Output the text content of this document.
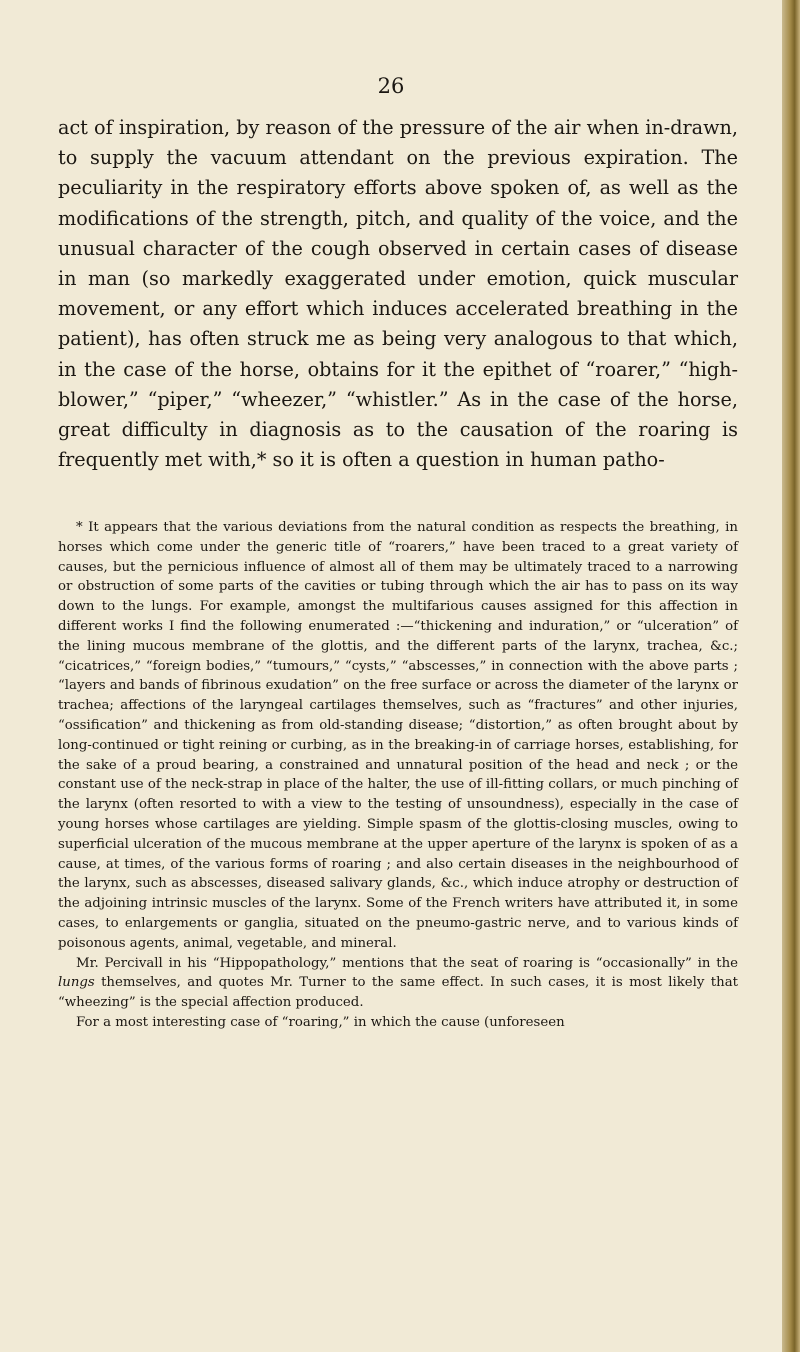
26

act of inspiration, by reason of the pressure of the air when in-drawn, to supply the vacuum attendant on the previous expiration. The peculiarity in the respiratory efforts above spoken of, as well as the modifications of the strength, pitch, and quality of the voice, and the unusual character of the cough observed in certain cases of disease in man (so markedly exaggerated under emotion, quick muscular movement, or any effort which induces accelerated breathing in the patient), has often struck me as being very analogous to that which, in the case of the horse, obtains for it the epithet of “roarer,” “high-blower,” “piper,” “wheezer,” “whistler.” As in the case of the horse, great difficulty in diagnosis as to the causation of the roaring is frequently met with,* so it is often a question in human patho-

* It appears that the various deviations from the natural condition as respects the breathing, in horses which come under the generic title of “roarers,” have been traced to a great variety of causes, but the pernicious influence of almost all of them may be ultimately traced to a narrowing or obstruction of some parts of the cavities or tubing through which the air has to pass on its way down to the lungs. For example, amongst the multifarious causes assigned for this affection in different works I find the following enumerated :—“thickening and induration,” or “ulceration” of the lining mucous membrane of the glottis, and the different parts of the larynx, trachea, &c.; “cicatrices,” “foreign bodies,” “tumours,” “cysts,” “abscesses,” in connection with the above parts ; “layers and bands of fibrinous exudation” on the free surface or across the diameter of the larynx or trachea; affections of the laryngeal cartilages themselves, such as “fractures” and other injuries, “ossification” and thickening as from old-standing disease; “distortion,” as often brought about by long-continued or tight reining or curbing, as in the breaking-in of carriage horses, establishing, for the sake of a proud bearing, a constrained and unnatural position of the head and neck ; or the constant use of the neck-strap in place of the halter, the use of ill-fitting collars, or much pinching of the larynx (often resorted to with a view to the testing of unsoundness), especially in the case of young horses whose cartilages are yielding. Simple spasm of the glottis-closing muscles, owing to superficial ulceration of the mucous membrane at the upper aperture of the larynx is spoken of as a cause, at times, of the various forms of roaring ; and also certain diseases in the neighbourhood of the larynx, such as abscesses, diseased salivary glands, &c., which induce atrophy or destruction of the adjoining intrinsic muscles of the larynx. Some of the French writers have attributed it, in some cases, to enlargements or ganglia, situated on the pneumo-gastric nerve, and to various kinds of poisonous agents, animal, vegetable, and mineral.

Mr. Percivall in his “Hippopathology,” mentions that the seat of roaring is “occasionally” in the lungs themselves, and quotes Mr. Turner to the same effect. In such cases, it is most likely that “wheezing” is the special affection produced.

For a most interesting case of “roaring,” in which the cause (unforeseen
